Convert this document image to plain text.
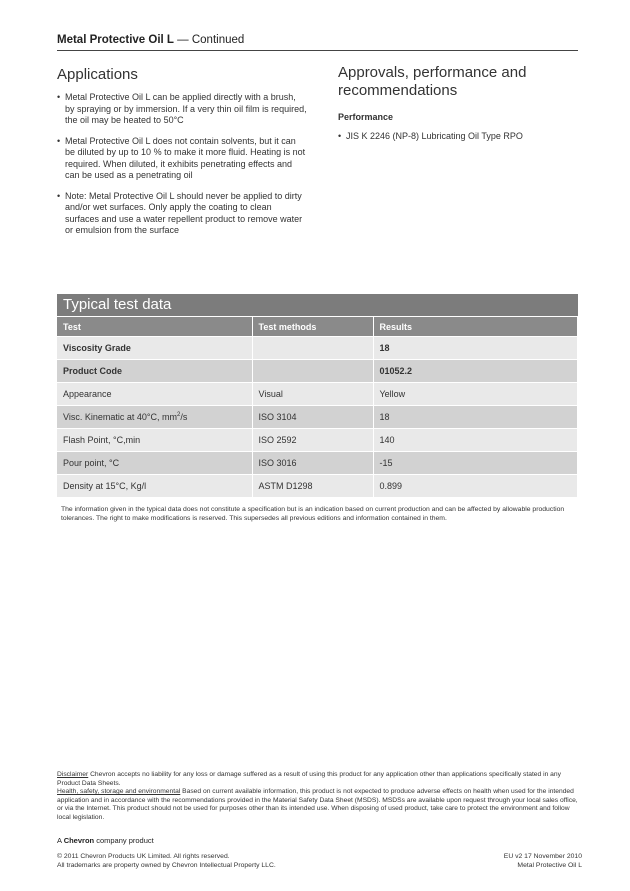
Metal Protective Oil L — Continued
Applications
• Metal Protective Oil L can be applied directly with a brush, by spraying or by immersion. If a very thin oil film is required, the oil may be heated to 50°C
• Metal Protective Oil L does not contain solvents, but it can be diluted by up to 10 % to make it more fluid. Heating is not required. When diluted, it exhibits penetrating effects and can be used as a penetrating oil
• Note: Metal Protective Oil L should never be applied to dirty and/or wet surfaces. Only apply the coating to clean surfaces and use a water repellent product to remove water or emulsion from the surface
Approvals, performance and recommendations
Performance
• JIS K 2246 (NP-8) Lubricating Oil Type RPO
Typical test data
Test	Test methods	Results
Viscosity Grade		18
Product Code		01052.2
Appearance	Visual	Yellow
Visc. Kinematic at 40°C, $mm^2/s$	ISO 3104	18
Flash Point, °C,min	ISO 2592	140
Pour point, °C	ISO 3016	-15
Density at 15°C, Kg/l	ASTM D1298	0.899
The information given in the typical data does not constitute a specification but is an indication based on current production and can be affected by allowable production tolerances. The right to make modifications is reserved. This supersedes all previous editions and information contained in them.
Disclaimer Chevron accepts no liability for any loss or damage suffered as a result of using this product for any application other than applications specifically stated in any Product Data Sheets.
Health, safety, storage and environmental Based on current available information, this product is not expected to produce adverse effects on health when used for the intended application and in accordance with the recommendations provided in the Material Safety Data Sheet (MSDS). MSDSs are available upon request through your local sales office, or via the Internet. This product should not be used for purposes other than its intended use. When disposing of used product, take care to protect the environment and follow local legislation.
A Chevron company product
© 2011 Chevron Products UK Limited. All rights reserved.
All trademarks are property owned by Chevron Intellectual Property LLC.
EU v2 17 November 2010
Metal Protective Oil L
